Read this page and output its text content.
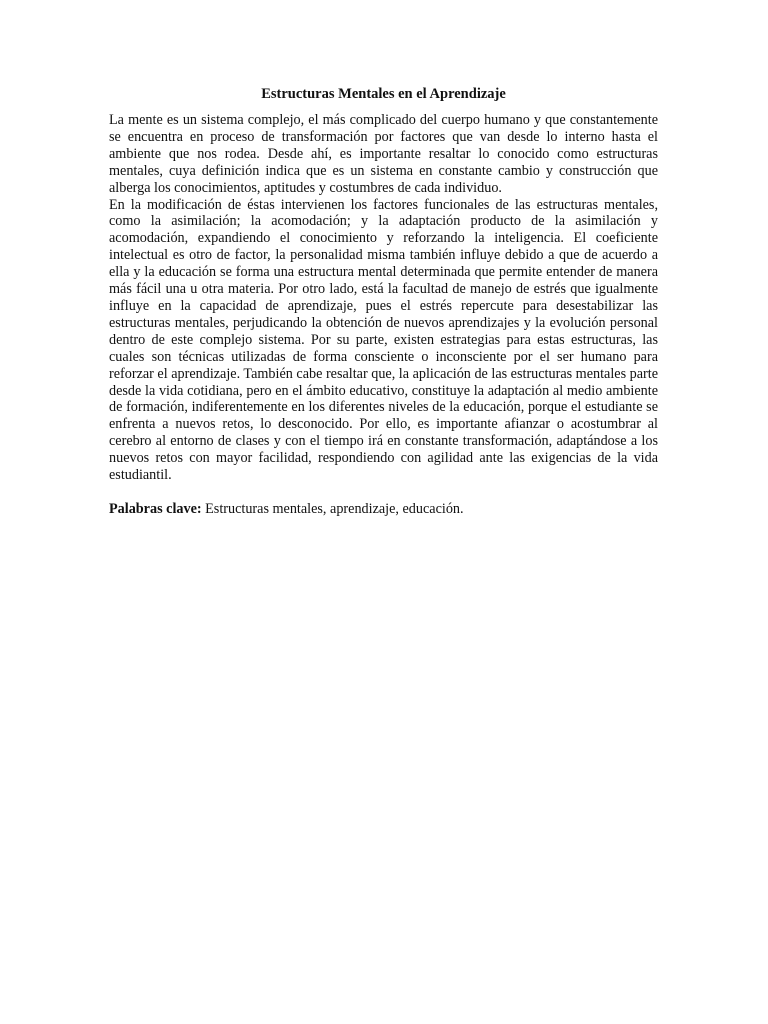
Estructuras Mentales en el Aprendizaje

La mente es un sistema complejo, el más complicado del cuerpo humano y que constantemente se encuentra en proceso de transformación por factores que van desde lo interno hasta el ambiente que nos rodea. Desde ahí, es importante resaltar lo conocido como estructuras mentales, cuya definición indica que es un sistema en constante cambio y construcción que alberga los conocimientos, aptitudes y costumbres de cada individuo.

En la modificación de éstas intervienen los factores funcionales de las estructuras mentales, como la asimilación; la acomodación; y la adaptación producto de la asimilación y acomodación, expandiendo el conocimiento y reforzando la inteligencia. El coeficiente intelectual es otro de factor, la personalidad misma también influye debido a que de acuerdo a ella y la educación se forma una estructura mental determinada que permite entender de manera más fácil una u otra materia. Por otro lado, está la facultad de manejo de estrés que igualmente influye en la capacidad de aprendizaje, pues el estrés repercute para desestabilizar las estructuras mentales, perjudicando la obtención de nuevos aprendizajes y la evolución personal dentro de este complejo sistema. Por su parte, existen estrategias para estas estructuras, las cuales son técnicas utilizadas de forma consciente o inconsciente por el ser humano para reforzar el aprendizaje. También cabe resaltar que, la aplicación de las estructuras mentales parte desde la vida cotidiana, pero en el ámbito educativo, constituye la adaptación al medio ambiente de formación, indiferentemente en los diferentes niveles de la educación, porque el estudiante se enfrenta a nuevos retos, lo desconocido. Por ello, es importante afianzar o acostumbrar al cerebro al entorno de clases y con el tiempo irá en constante transformación, adaptándose a los nuevos retos con mayor facilidad, respondiendo con agilidad ante las exigencias de la vida estudiantil.

Palabras clave: Estructuras mentales, aprendizaje, educación.
